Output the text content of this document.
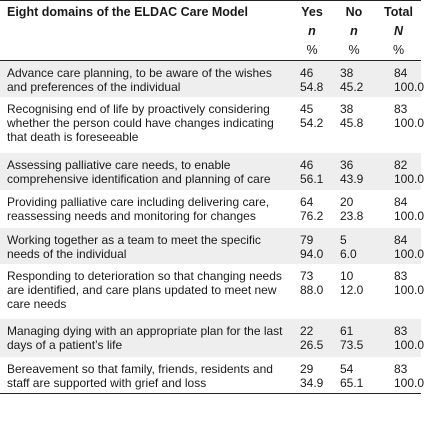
Eight domains of the ELDAC Care Model	Yes
n
%
No
n
%
Total
N
%
Advance care planning, to be aware of the wishes and preferences of the individual
46
54.8
38
45.2
84
100.0
Recognising end of life by proactively considering whether the person could have changes indicating that death is foreseeable
45
54.2
38
45.8
83
100.0
Assessing palliative care needs, to enable comprehensive identification and planning of care
46
56.1
36
43.9
82
100.0
Providing palliative care including delivering care, reassessing needs and monitoring for changes
64
76.2
20
23.8
84
100.0
Working together as a team to meet the specific needs of the individual
79
94.0
5
6.0
84
100.0
Responding to deterioration so that changing needs are identified, and care plans updated to meet new care needs
73
88.0
10
12.0
83
100.0
Managing dying with an appropriate plan for the last days of a patient’s life
22
26.5
61
73.5
83
100.0
Bereavement so that family, friends, residents and staff are supported with grief and loss
29
34.9
54
65.1
83
100.0
